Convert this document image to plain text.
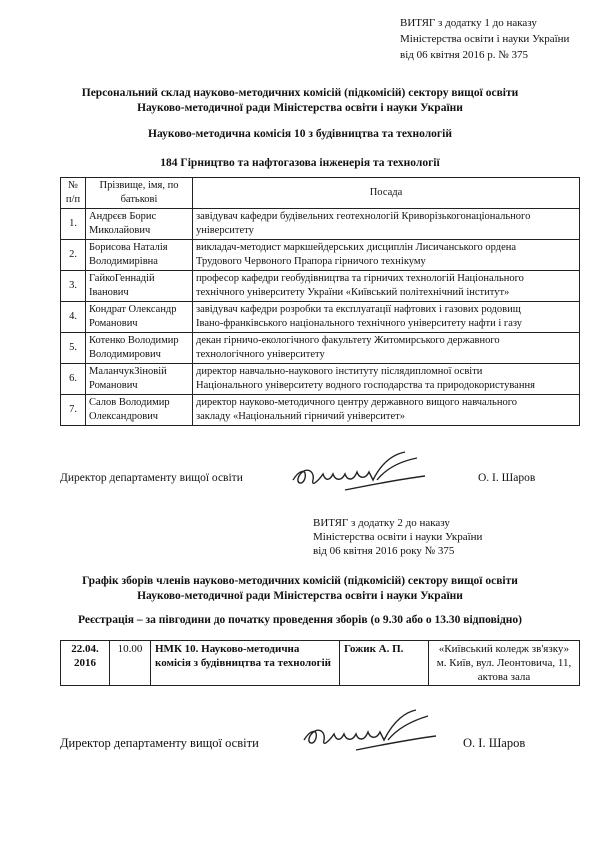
ВИТЯГ з додатку 1 до наказу
Міністерства освіти і науки України
від 06 квітня 2016 р. № 375
Персональний склад науково-методичних комісій (підкомісій) сектору вищої освіти
Науково-методичної ради Міністерства освіти і науки України
Науково-методична комісія 10 з будівництва та технологій
184 Гірництво та нафтогазова інженерія та технології
№ п/п	Прізвище, імя, по батькові	Посада
1.	Андрєєв Борис Миколайович	завідувач кафедри будівельних геотехнологій Криворізькогонаціонального
університету

2.	Борисова Наталія Володимирівна	викладач-методист маркшейдерських дисциплін Лисичанського ордена
Трудового Червоного Прапора гірничого технікуму

3.	ГайкоГеннадій Іванович	професор кафедри геобудівництва та гірничих технологій Національного
технічного університету України «Київський політехнічний інститут»

4.	Кондрат Олександр Романович	завідувач кафедри розробки та експлуатації нафтових і газових родовищ
Івано-франківського національного технічного університету нафти і газу

5.	Котенко Володимир Володимирович	декан гірничо-екологічного факультету Житомирського державного
технологічного університету

6.	МаланчукЗіновій Романович	директор навчально-наукового інституту післядипломної освіти
Національного університету водного господарства та природокористування

7.	Салов Володимир Олександрович	директор науково-методичного центру державного вищого навчального
закладу «Національний гірничий університет»
Директор департаменту вищої освіти	О. І. Шаров
ВИТЯГ з додатку 2 до наказу
Міністерства освіти і науки України
від 06 квітня 2016 року № 375
Графік зборів членів науково-методичних комісій (підкомісій) сектору вищої освіти
Науково-методичної ради Міністерства освіти і науки України
Реєстрація – за півгодини до початку проведення зборів (о 9.30 або о 13.30 відповідно)
22.04. 2016	10.00	НМК 10. Науково-методична комісія з будівництва та технологій	Гожик А. П.	«Київський коледж зв'язку»
м. Київ, вул. Леонтовича, 11,
актова зала
Директор департаменту вищої освіти	О. І. Шаров
